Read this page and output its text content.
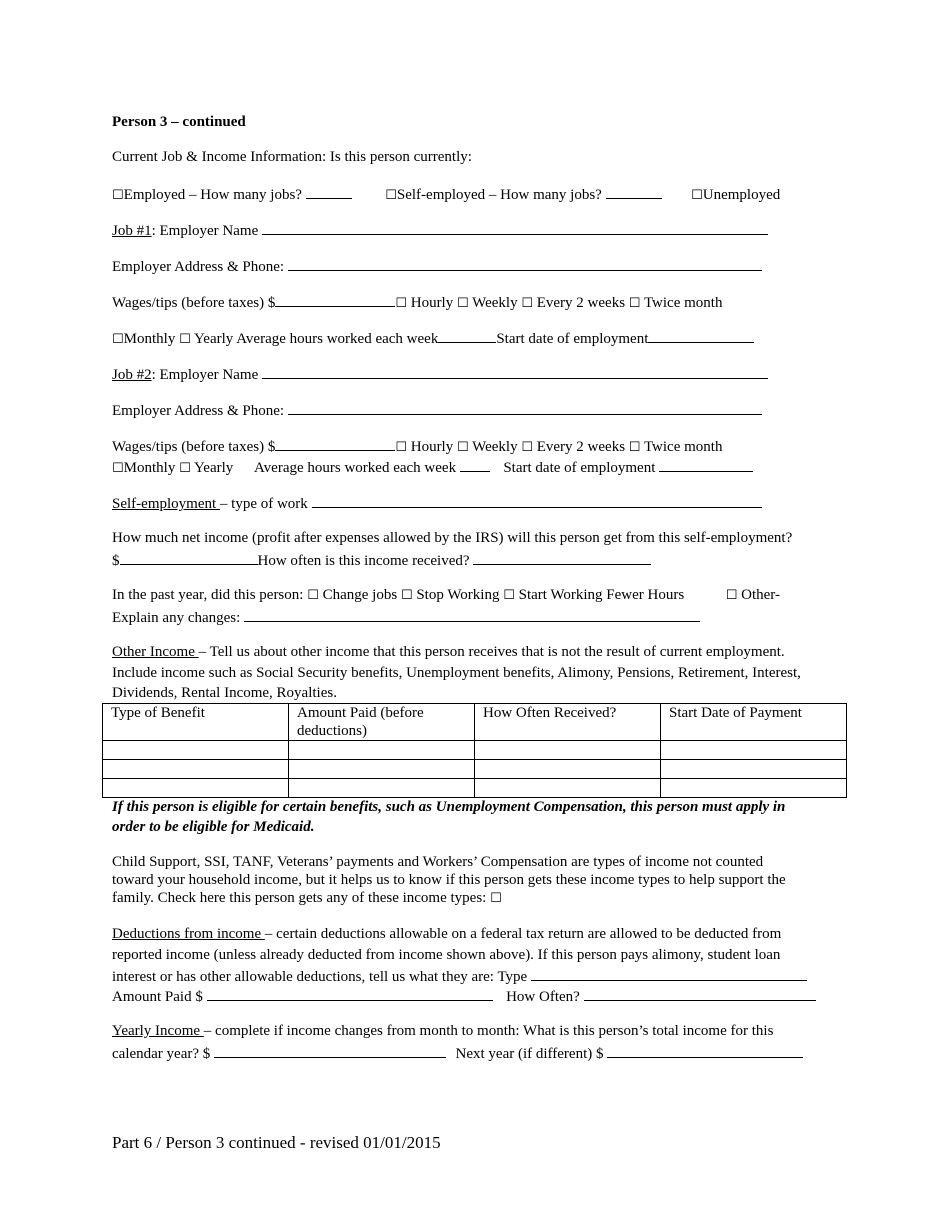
Person 3 – continued
Current Job & Income Information: Is this person currently:
☐Employed – How many jobs?	☐Self-employed – How many jobs?	☐Unemployed
Job #1: Employer Name
Employer Address & Phone:
Wages/tips (before taxes) $	☐ Hourly ☐ Weekly ☐ Every 2 weeks ☐ Twice month
☐Monthly ☐ Yearly Average hours worked each week	Start date of employment
Job #2: Employer Name
Employer Address & Phone:
Wages/tips (before taxes) $	☐ Hourly ☐ Weekly ☐ Every 2 weeks ☐ Twice month
☐Monthly ☐ Yearly Average hours worked each week	Start date of employment
Self-employment – type of work
How much net income (profit after expenses allowed by the IRS) will this person get from this self-employment?
$	How often is this income received?
In the past year, did this person: ☐ Change jobs ☐ Stop Working ☐ Start Working Fewer Hours	☐ Other-
Explain any changes:
Other Income – Tell us about other income that this person receives that is not the result of current employment.
Include income such as Social Security benefits, Unemployment benefits, Alimony, Pensions, Retirement, Interest,
Dividends, Rental Income, Royalties.
Type of Benefit	Amount Paid (before deductions)	How Often Received?	Start Date of Payment

If this person is eligible for certain benefits, such as Unemployment Compensation, this person must apply in
order to be eligible for Medicaid.
Child Support, SSI, TANF, Veterans’ payments and Workers’ Compensation are types of income not counted
toward your household income, but it helps us to know if this person gets these income types to help support the
family. Check here this person gets any of these income types: ☐
Deductions from income – certain deductions allowable on a federal tax return are allowed to be deducted from
reported income (unless already deducted from income shown above). If this person pays alimony, student loan
interest or has other allowable deductions, tell us what they are: Type
Amount Paid $	How Often?
Yearly Income – complete if income changes from month to month: What is this person’s total income for this
calendar year? $	Next year (if different) $
Part 6 / Person 3 continued - revised 01/01/2015
